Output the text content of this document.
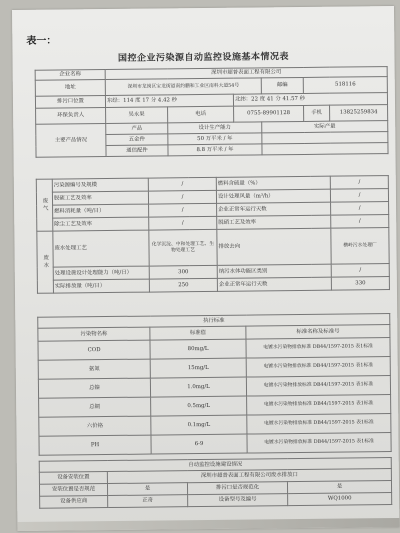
表一：
国控企业污染源自动监控设施基本情况表
企业名称	深圳市超普表面工程有限公司					
地址	深圳市龙岗区宝龙街道南约鹏和工业区南科大道54号			邮编	518116	
排污口位置	东经：114 度 17 分 4.42 秒		北纬：22 度 41 分 41.57 秒			
环保负责人	吴永果	电话	0755-89901128		手机	13825259834
主要产品情况	产品	设计生产能力		实际产量		
	五金件	50 万平米 / 年				
	通信配件	8.8 万平米 / 年				
废气	污染源编号及规模	/	燃料含硫量（%）	/
	脱硫工艺及效率	/	设计处理风量（m³/h）	/
	燃料消耗量（吨/日）	/	企业正常年运行天数	/
	除尘工艺及效率	/	脱硝工艺及效率	/
废水	废水处理工艺	化学沉淀、中和处理工艺、生物处理工艺	排放去向	横岭污水处理厂
	处理设施设计处理能力（吨/日）	300	纳污水体功能区类别	/
	实际排放量（吨/日）	250	企业正常年运行天数	330
执行标准		
污染物名称	标准值	标准名称及标准号
COD	80mg/L	电镀水污染物排放标准 DB44/1597-2015 表1标准
氨氮	15mg/L	电镀水污染物排放标准 DB44/1597-2015 表1标准
总镍	1.0mg/L	电镀水污染物排放标准 DB44/1597-2015 表1标准
总铜	0.5mg/L	电镀水污染物排放标准 DB44/1597-2015 表1标准
六价铬	0.1mg/L	电镀水污染物排放标准 DB44/1597-2015 表1标准
PH	6-9	电镀水污染物排放标准 DB44/1597-2015 表1标准
自动监控设施建设情况			
设备安装位置	深圳市超普表面工程有限公司废水排放口		
安装位置是否规范	是	排污口是否规范化	是
设备供应商	正奇	设备型号及编号	WQ1000
